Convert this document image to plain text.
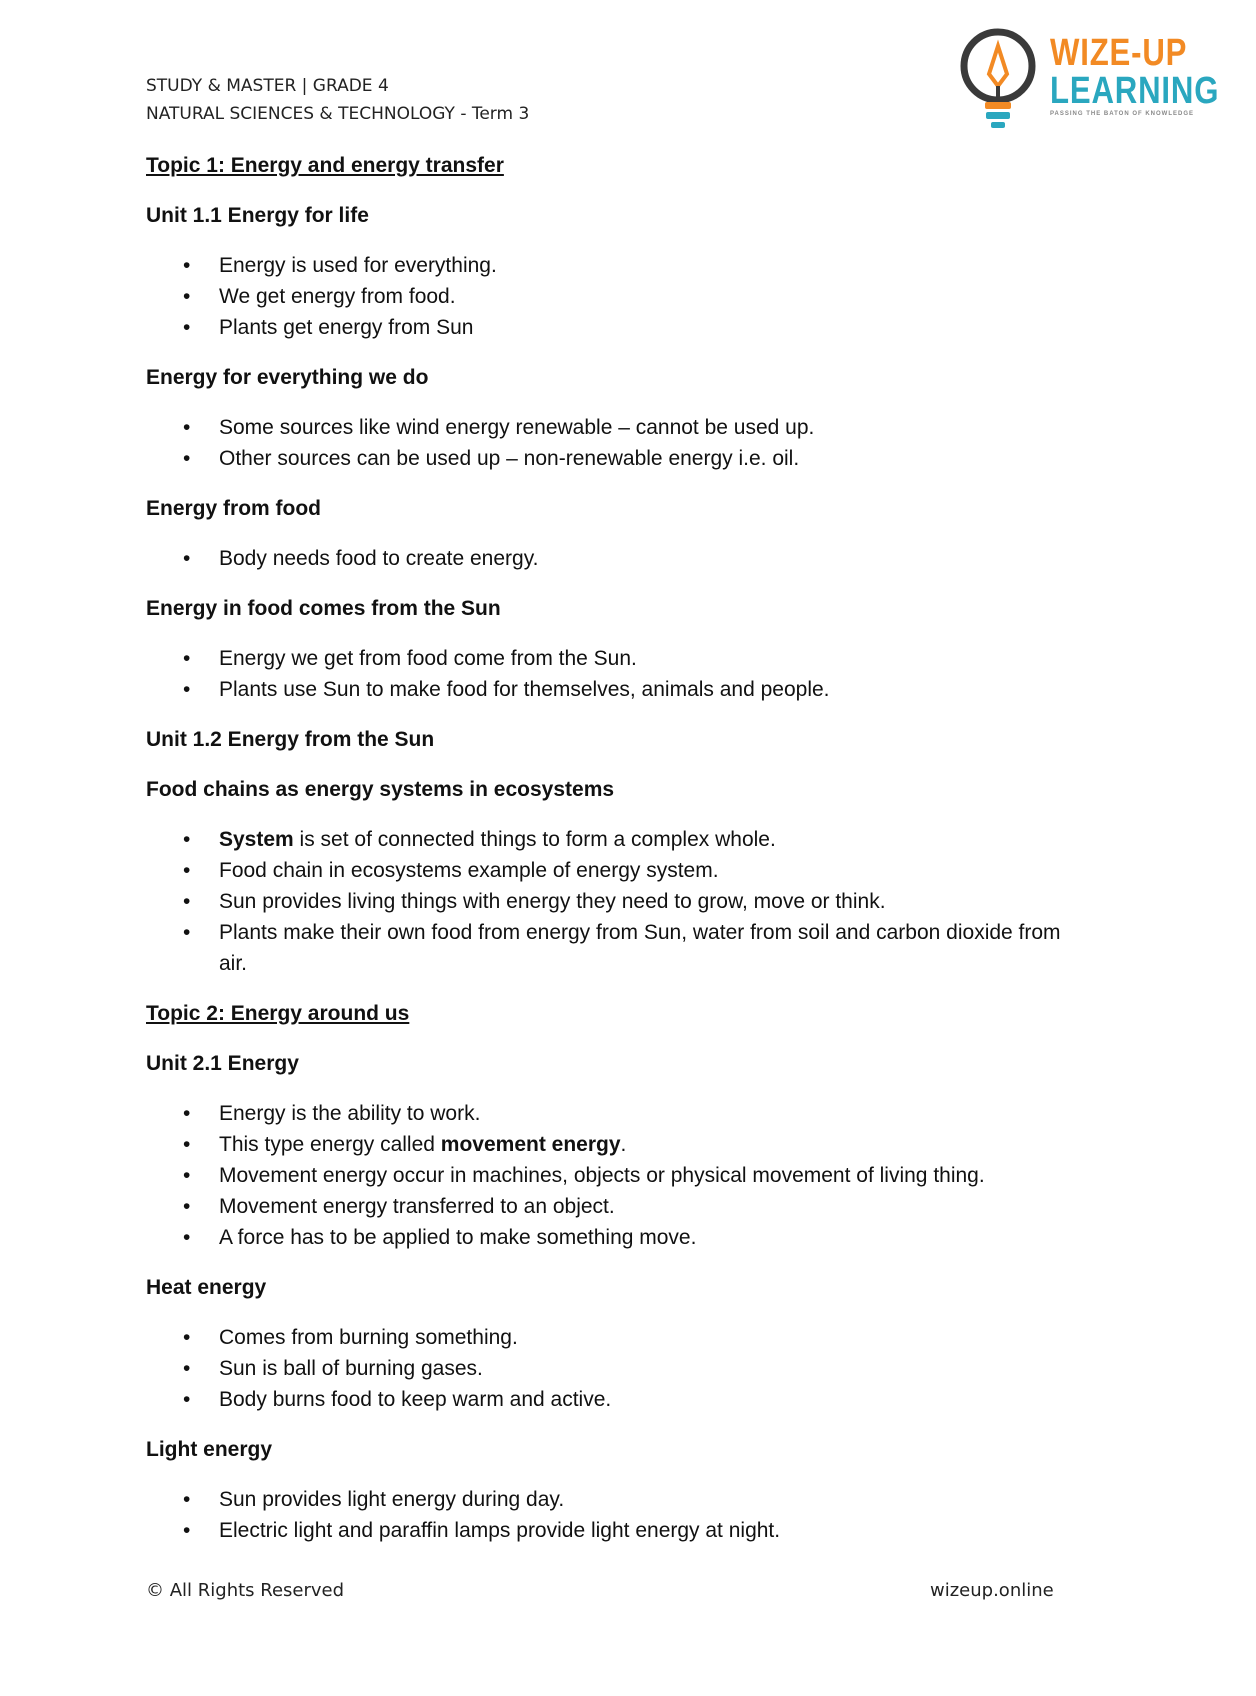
STUDY & MASTER | GRADE 4
NATURAL SCIENCES & TECHNOLOGY - Term 3
WIZE-UP
LEARNING
PASSING THE BATON OF KNOWLEDGE

Topic 1: Energy and energy transfer

Unit 1.1 Energy for life

• Energy is used for everything.
• We get energy from food.
• Plants get energy from Sun

Energy for everything we do

• Some sources like wind energy renewable – cannot be used up.
• Other sources can be used up – non-renewable energy i.e. oil.

Energy from food

• Body needs food to create energy.

Energy in food comes from the Sun

• Energy we get from food come from the Sun.
• Plants use Sun to make food for themselves, animals and people.

Unit 1.2 Energy from the Sun

Food chains as energy systems in ecosystems

• System is set of connected things to form a complex whole.
• Food chain in ecosystems example of energy system.
• Sun provides living things with energy they need to grow, move or think.
• Plants make their own food from energy from Sun, water from soil and carbon dioxide from air.

Topic 2: Energy around us

Unit 2.1 Energy

• Energy is the ability to work.
• This type energy called movement energy.
• Movement energy occur in machines, objects or physical movement of living thing.
• Movement energy transferred to an object.
• A force has to be applied to make something move.

Heat energy

• Comes from burning something.
• Sun is ball of burning gases.
• Body burns food to keep warm and active.

Light energy

• Sun provides light energy during day.
• Electric light and paraffin lamps provide light energy at night.
© All Rights Reserved	wizeup.online
